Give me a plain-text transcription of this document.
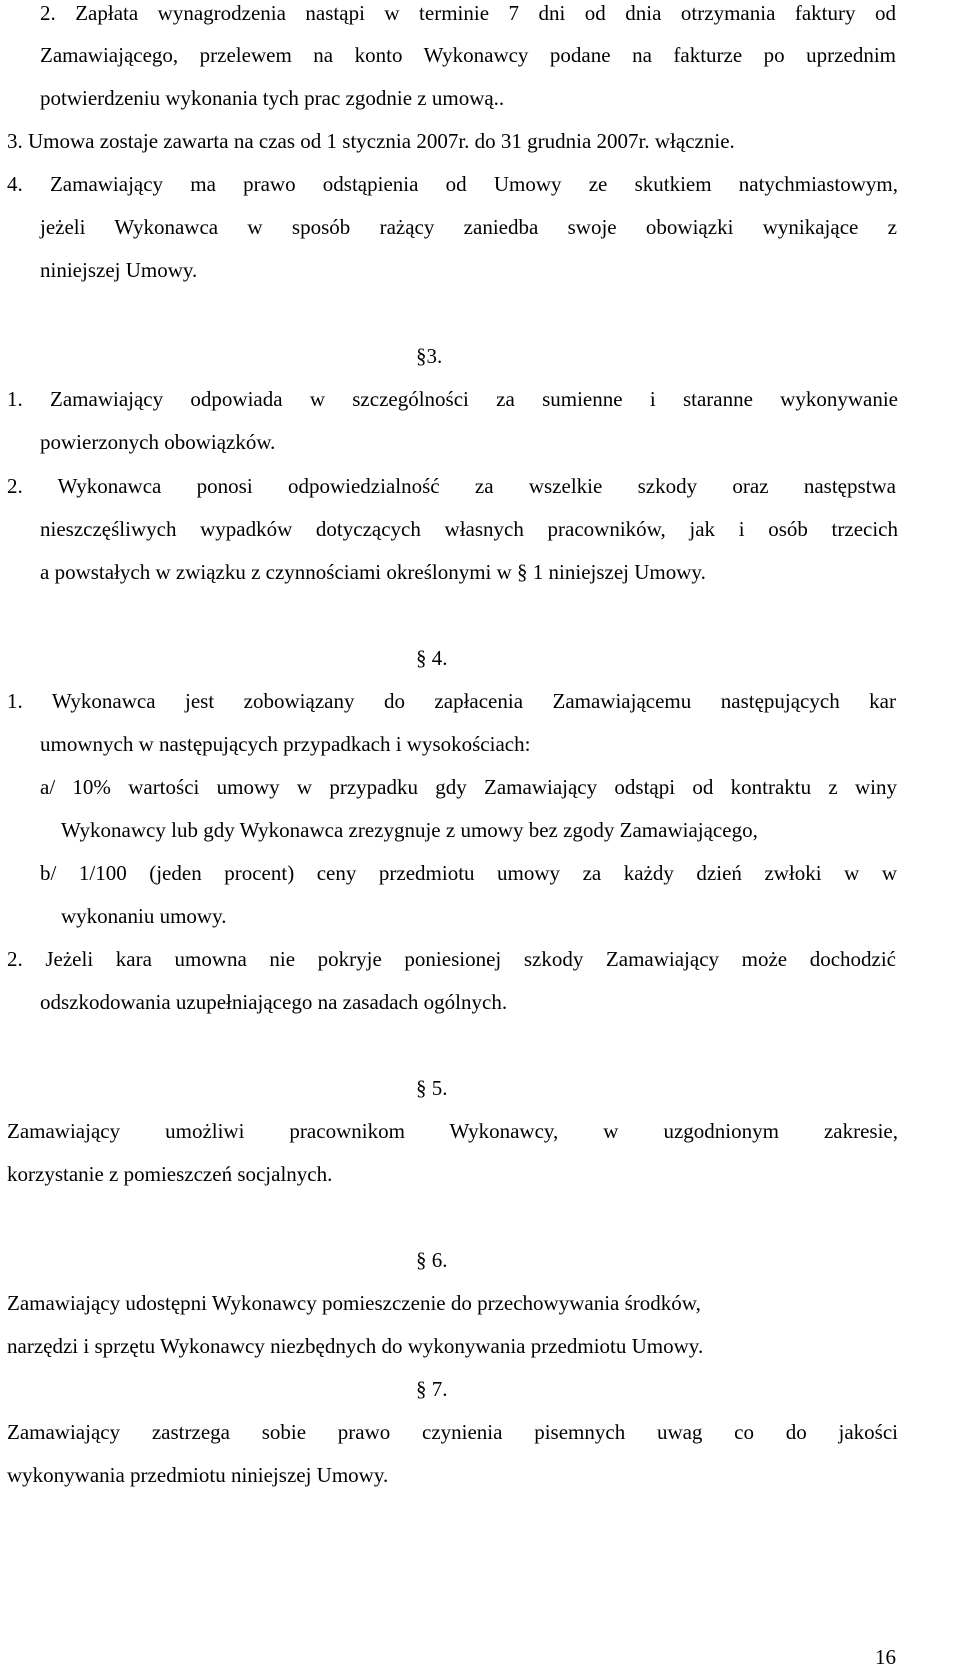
2. Zapłata wynagrodzenia nastąpi w terminie 7 dni od dnia otrzymania faktury od
Zamawiającego, przelewem na konto Wykonawcy podane na fakturze po uprzednim
potwierdzeniu wykonania tych prac zgodnie z umową..
3. Umowa zostaje zawarta na czas od 1 stycznia 2007r. do 31 grudnia 2007r. włącznie.
4. Zamawiający ma prawo odstąpienia od Umowy ze skutkiem natychmiastowym,
jeżeli Wykonawca w sposób rażący zaniedba swoje obowiązki wynikające z
niniejszej Umowy.
§3.
1. Zamawiający odpowiada w szczególności za sumienne i staranne wykonywanie
powierzonych obowiązków.
2. Wykonawca ponosi odpowiedzialność za wszelkie szkody oraz następstwa
nieszczęśliwych wypadków dotyczących własnych pracowników, jak i osób trzecich
a powstałych w związku z czynnościami określonymi w § 1 niniejszej Umowy.
§ 4.
1. Wykonawca jest zobowiązany do zapłacenia Zamawiającemu następujących kar
umownych w następujących przypadkach i wysokościach:
a/ 10% wartości umowy w przypadku gdy Zamawiający odstąpi od kontraktu z winy
Wykonawcy lub gdy Wykonawca zrezygnuje z umowy bez zgody Zamawiającego,
b/ 1/100 (jeden procent) ceny przedmiotu umowy za każdy dzień zwłoki w w
wykonaniu umowy.
2. Jeżeli kara umowna nie pokryje poniesionej szkody Zamawiający może dochodzić
odszkodowania uzupełniającego na zasadach ogólnych.
§ 5.
Zamawiający umożliwi pracownikom Wykonawcy, w uzgodnionym zakresie,
korzystanie z pomieszczeń socjalnych.
§ 6.
Zamawiający udostępni Wykonawcy pomieszczenie do przechowywania środków,
narzędzi i sprzętu Wykonawcy niezbędnych do wykonywania przedmiotu Umowy.
§ 7.
Zamawiający zastrzega sobie prawo czynienia pisemnych uwag co do jakości
wykonywania przedmiotu niniejszej Umowy.
16
